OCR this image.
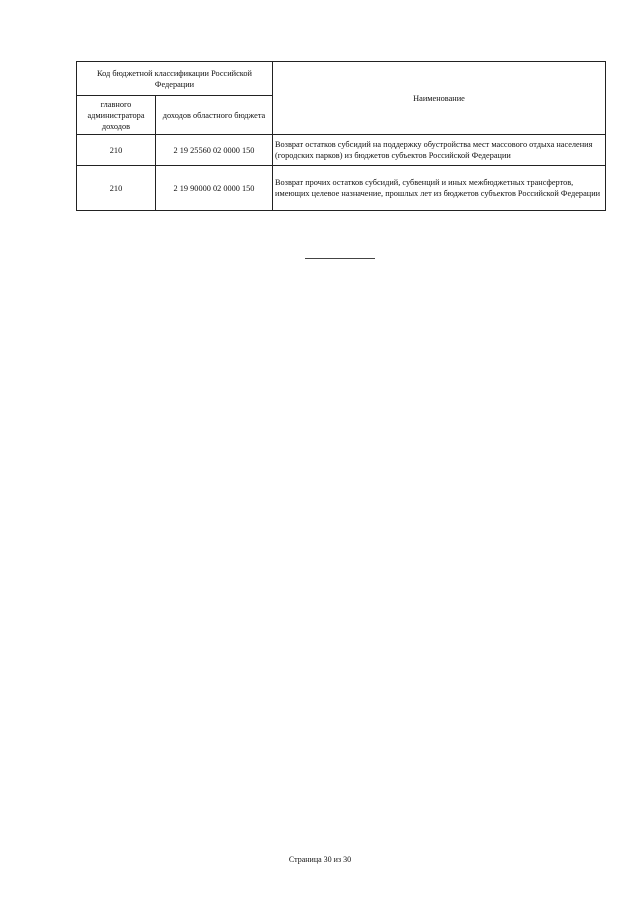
Код бюджетной классификации Российской Федерации		Наименование
главного администратора доходов	доходов областного бюджета	
210	2 19 25560 02 0000 150	Возврат остатков субсидий на поддержку обустройства мест массового отдыха населения (городских парков) из бюджетов субъектов Российской Федерации
210	2 19 90000 02 0000 150	Возврат прочих остатков субсидий, субвенций и иных межбюджетных трансфертов, имеющих целевое назначение, прошлых лет из бюджетов субъектов Российской Федерации
Страница 30 из 30
